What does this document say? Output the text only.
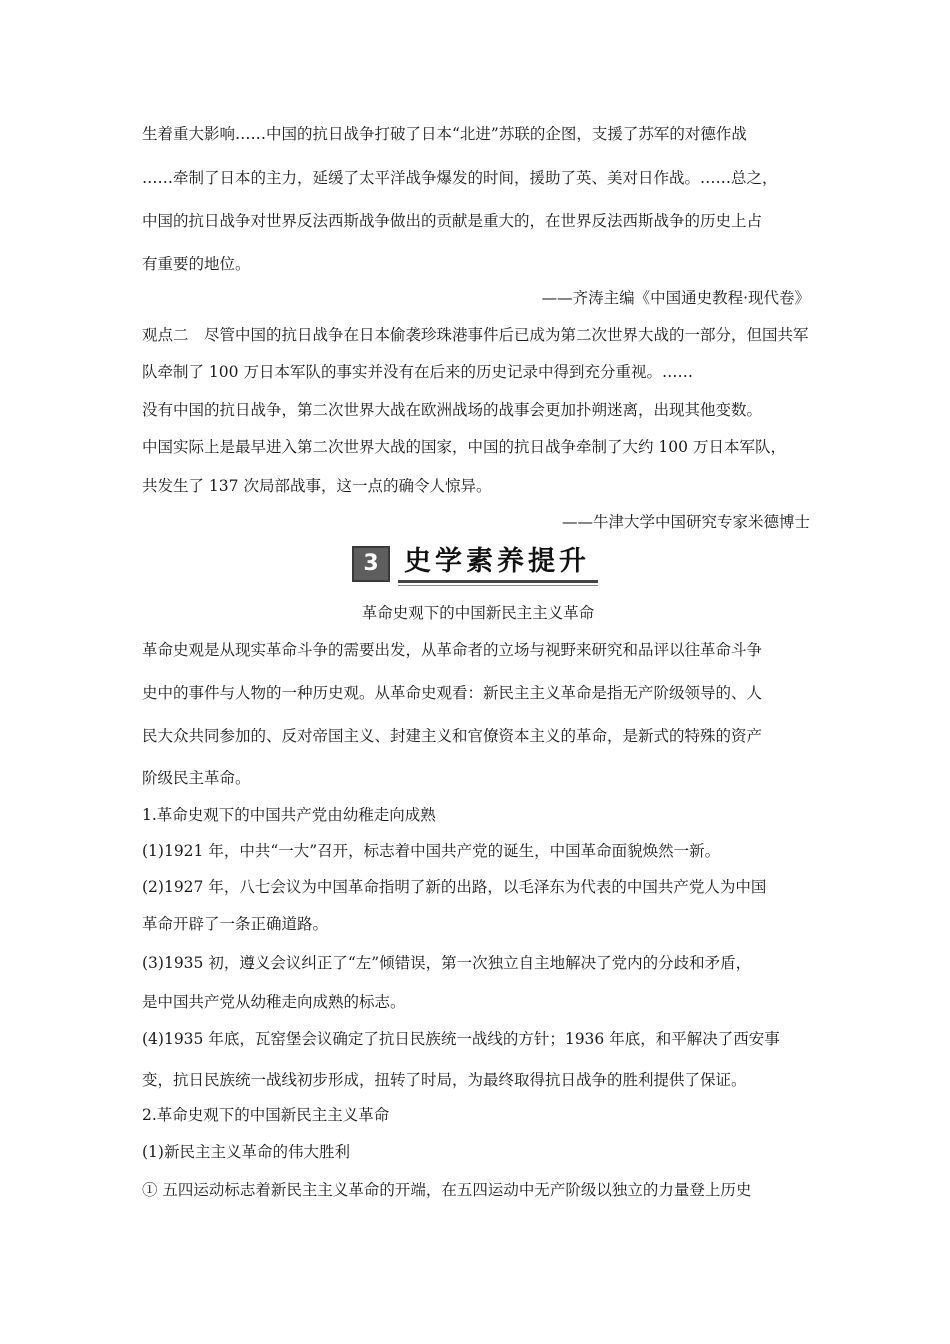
生着重大影响……中国的抗日战争打破了日本“北进”苏联的企图，支援了苏军的对德作战
……牵制了日本的主力，延缓了太平洋战争爆发的时间，援助了英、美对日作战。……总之，
中国的抗日战争对世界反法西斯战争做出的贡献是重大的，在世界反法西斯战争的历史上占
有重要的地位。
——齐涛主编《中国通史教程·现代卷》
观点二　尽管中国的抗日战争在日本偷袭珍珠港事件后已成为第二次世界大战的一部分，但国共军
队牵制了 100 万日本军队的事实并没有在后来的历史记录中得到充分重视。……
没有中国的抗日战争，第二次世界大战在欧洲战场的战事会更加扑朔迷离，出现其他变数。
中国实际上是最早进入第二次世界大战的国家，中国的抗日战争牵制了大约 100 万日本军队，
共发生了 137 次局部战事，这一点的确令人惊异。
——牛津大学中国研究专家米德博士
3 史学素养提升
革命史观下的中国新民主主义革命
革命史观是从现实革命斗争的需要出发，从革命者的立场与视野来研究和品评以往革命斗争
史中的事件与人物的一种历史观。从革命史观看：新民主主义革命是指无产阶级领导的、人
民大众共同参加的、反对帝国主义、封建主义和官僚资本主义的革命，是新式的特殊的资产
阶级民主革命。
1.革命史观下的中国共产党由幼稚走向成熟
(1)1921 年，中共“一大”召开，标志着中国共产党的诞生，中国革命面貌焕然一新。
(2)1927 年，八七会议为中国革命指明了新的出路，以毛泽东为代表的中国共产党人为中国
革命开辟了一条正确道路。
(3)1935 初，遵义会议纠正了“左”倾错误，第一次独立自主地解决了党内的分歧和矛盾，
是中国共产党从幼稚走向成熟的标志。
(4)1935 年底，瓦窑堡会议确定了抗日民族统一战线的方针；1936 年底，和平解决了西安事
变，抗日民族统一战线初步形成，扭转了时局，为最终取得抗日战争的胜利提供了保证。
2.革命史观下的中国新民主主义革命
(1)新民主主义革命的伟大胜利
① 五四运动标志着新民主主义革命的开端，在五四运动中无产阶级以独立的力量登上历史
